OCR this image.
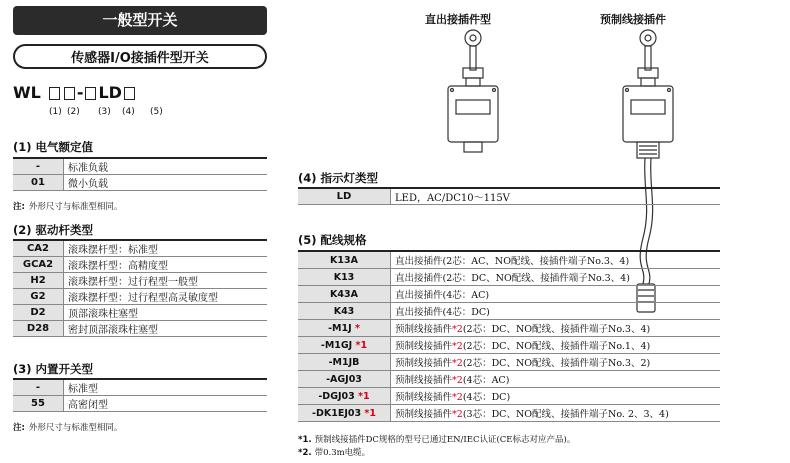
一般型开关
传感器I/O接插件型开关
WL - LD
(1) (2) (3) (4) (5)
(1) 电气额定值
-	标准负载
01	微小负载
注: 外形尺寸与标准型相同。
(2) 驱动杆类型
CA2	滚珠摆杆型：标准型
GCA2	滚珠摆杆型：高精度型
H2	滚珠摆杆型：过行程型一般型
G2	滚珠摆杆型：过行程型高灵敏度型
D2	顶部滚珠柱塞型
D28	密封顶部滚珠柱塞型
(3) 内置开关型
-	标准型
55	高密闭型
注: 外形尺寸与标准型相同。
直出接插件型	预制线接插件
(4) 指示灯类型
LD	LED，AC/DC10～115V
(5) 配线规格
K13A	直出接插件(2芯：AC、NO配线、接插件端子No.3、4)
K13	直出接插件(2芯：DC、NO配线、接插件端子No.3、4)
K43A	直出接插件(4芯：AC)
K43	直出接插件(4芯：DC)
-M1J *	预制线接插件*2(2芯：DC、NO配线、接插件端子No.3、4)
-M1GJ *1	预制线接插件*2(2芯：DC、NO配线、接插件端子No.1、4)
-M1JB	预制线接插件*2(2芯：DC、NO配线、接插件端子No.3、2)
-AGJ03	预制线接插件*2(4芯：AC)
-DGJ03 *1	预制线接插件*2(4芯：DC)
-DK1EJ03 *1	预制线接插件*2(3芯：DC、NO配线、接插件端子No. 2、3、4)
*1. 预制线接插件DC规格的型号已通过EN/IEC认证(CE标志对应产品)。
*2. 带0.3m电缆。
